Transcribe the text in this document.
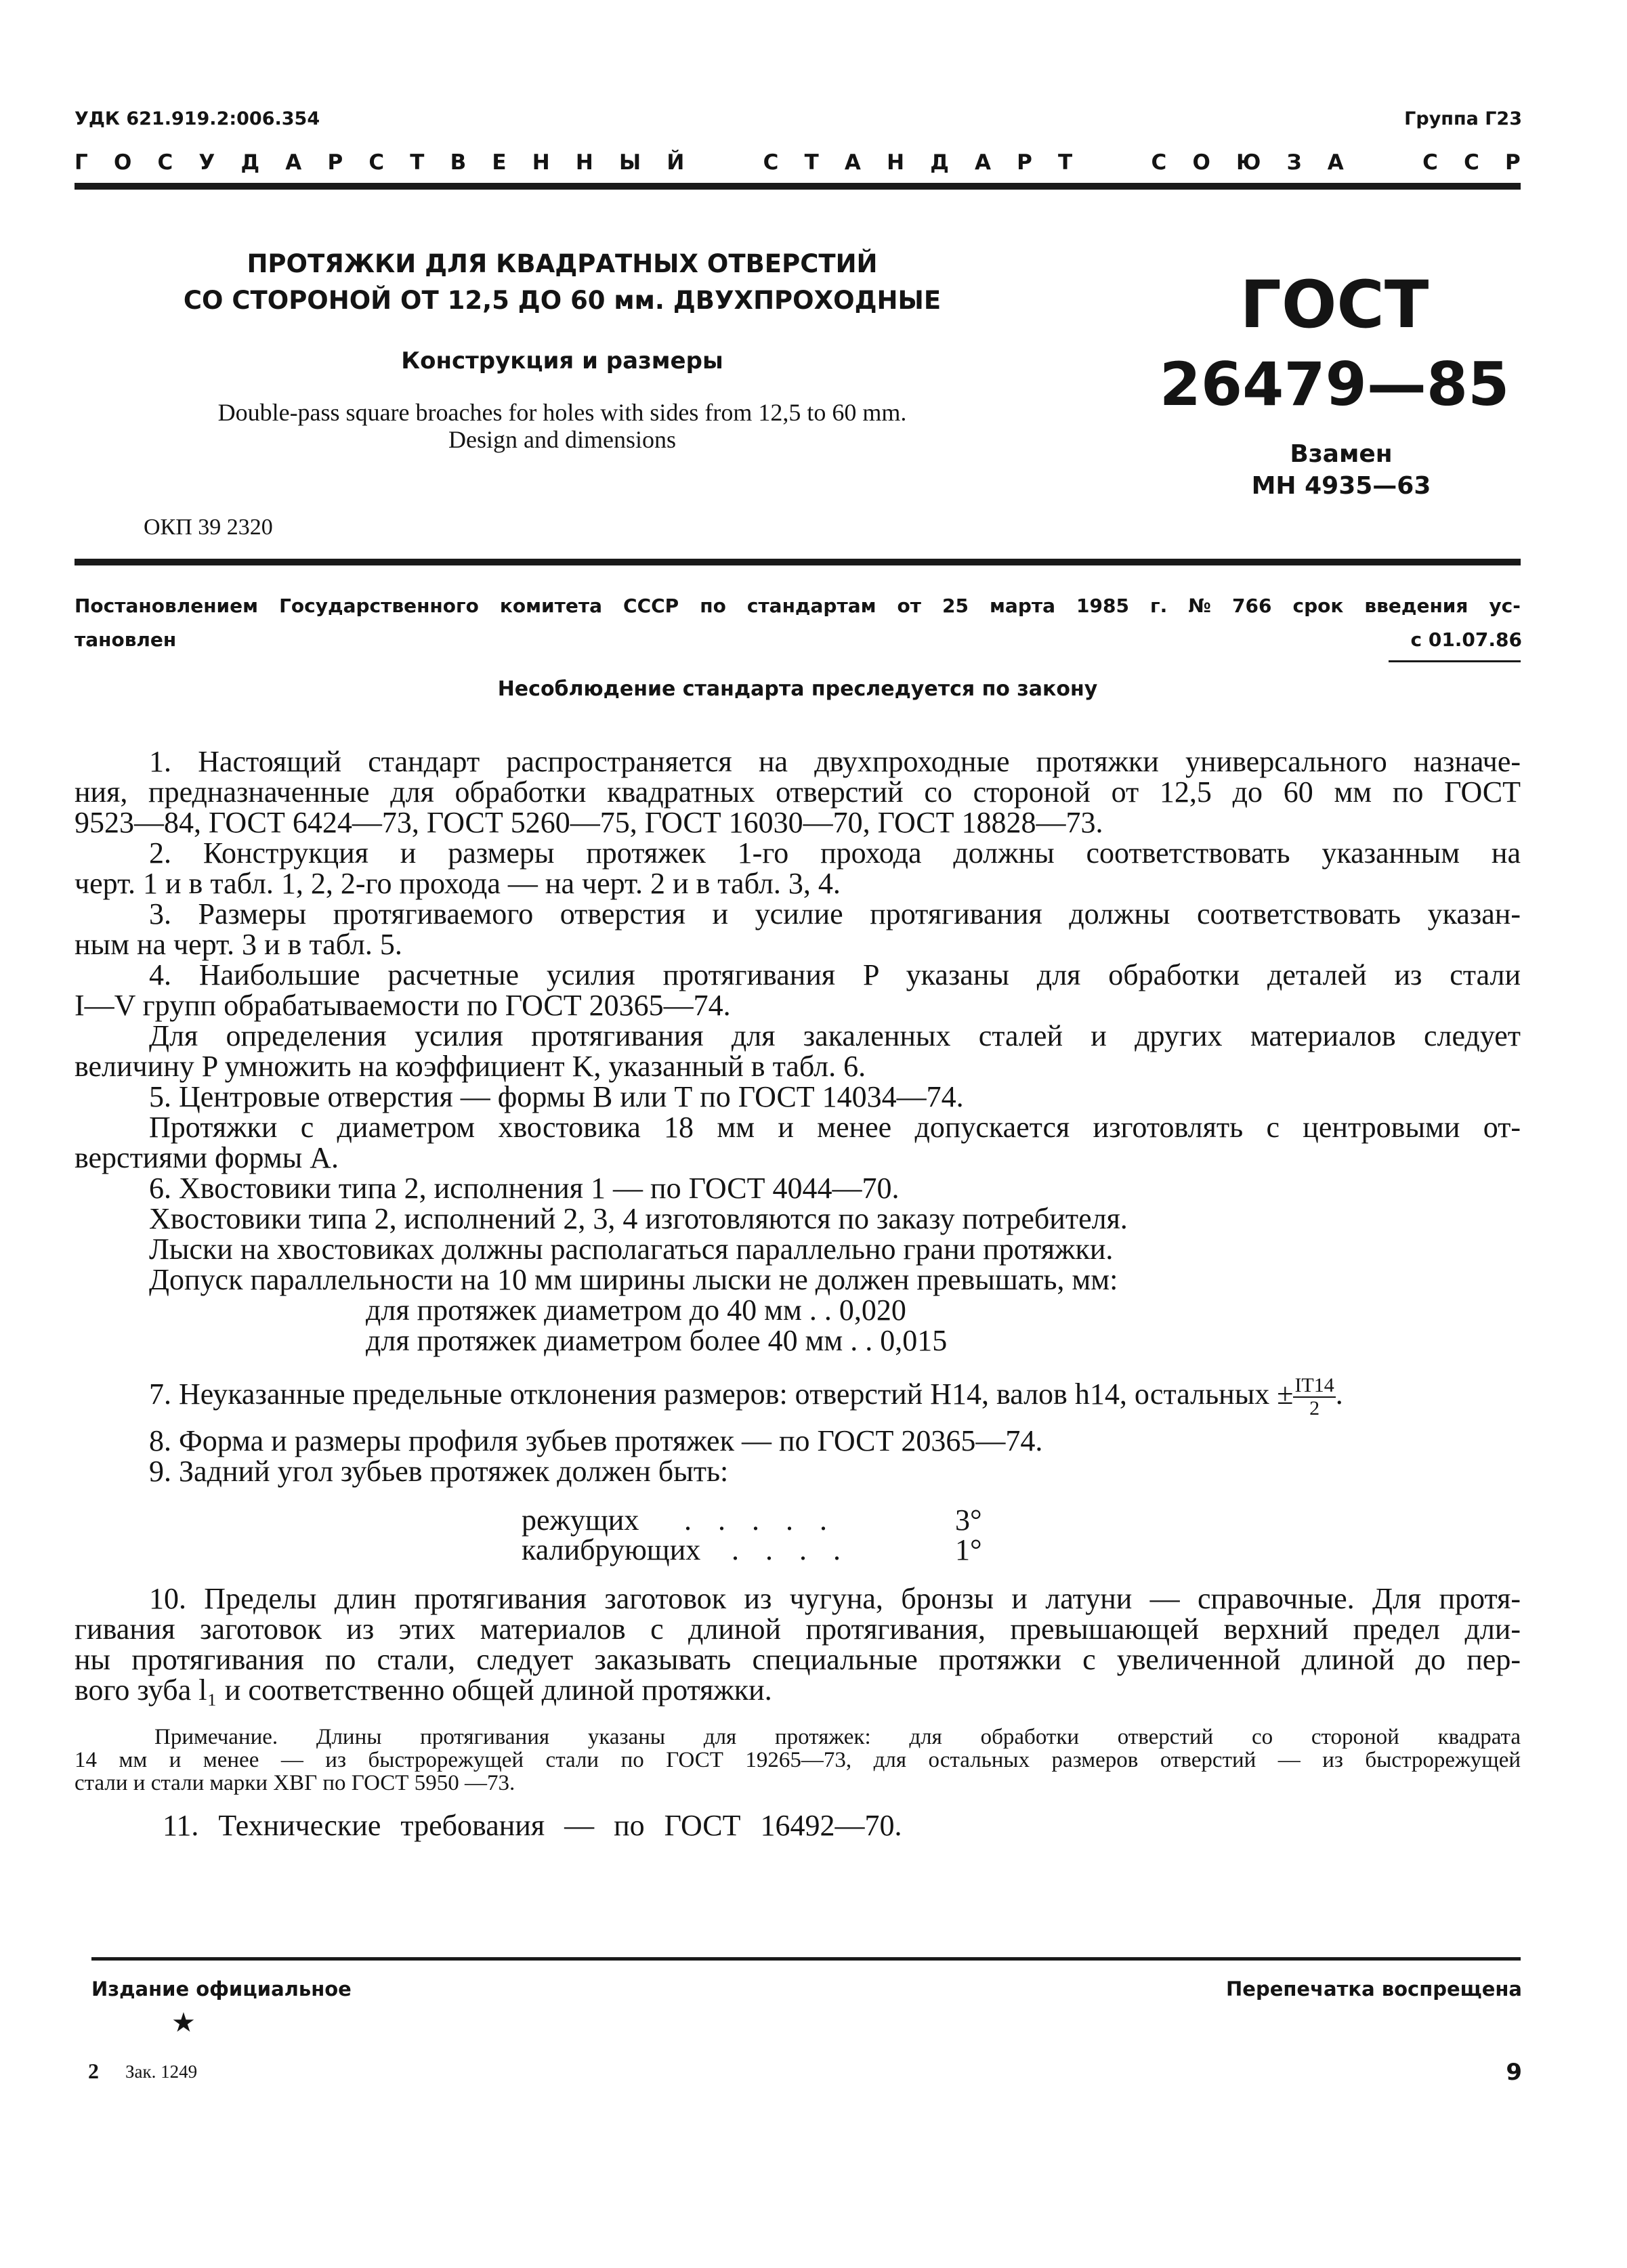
УДК 621.919.2:006.354	Группа Г23
Г О С У Д А Р С Т В Е Н Н Ы Й	С Т А Н Д А Р Т	С О Ю З А	С С Р
ПРОТЯЖКИ ДЛЯ КВАДРАТНЫХ ОТВЕРСТИЙ
СО СТОРОНОЙ ОТ 12,5 ДО 60 мм. ДВУХПРОХОДНЫЕ
Конструкция и размеры
Double-pass square broaches for holes with sides from 12,5 to 60 mm.
Design and dimensions
ОКП 39 2320
ГОСТ
26479—85
Взамен
МН 4935—63
Постановлением Государственного комитета СССР по стандартам от 25 марта 1985 г. № 766 срок введения ус-
тановлен	с 01.07.86
Несоблюдение стандарта преследуется по закону
1. Настоящий стандарт распространяется на двухпроходные протяжки универсального назначе-
ния, предназначенные для обработки квадратных отверстий со стороной от 12,5 до 60 мм по ГОСТ
9523—84, ГОСТ 6424—73, ГОСТ 5260—75, ГОСТ 16030—70, ГОСТ 18828—73.
2. Конструкция и размеры протяжек 1-го прохода должны соответствовать указанным на
черт. 1 и в табл. 1, 2, 2-го прохода — на черт. 2 и в табл. 3, 4.
3. Размеры протягиваемого отверстия и усилие протягивания должны соответствовать указан-
ным на черт. 3 и в табл. 5.
4. Наибольшие расчетные усилия протягивания P указаны для обработки деталей из стали
I—V групп обрабатываемости по ГОСТ 20365—74.
Для определения усилия протягивания для закаленных сталей и других материалов следует
величину P умножить на коэффициент K, указанный в табл. 6.
5. Центровые отверстия — формы В или Т по ГОСТ 14034—74.
Протяжки с диаметром хвостовика 18 мм и менее допускается изготовлять с центровыми от-
верстиями формы А.
6. Хвостовики типа 2, исполнения 1 — по ГОСТ 4044—70.
Хвостовики типа 2, исполнений 2, 3, 4 изготовляются по заказу потребителя.
Лыски на хвостовиках должны располагаться параллельно грани протяжки.
Допуск параллельности на 10 мм ширины лыски не должен превышать, мм:
для протяжек диаметром до 40 мм . . 0,020
для протяжек диаметром более 40 мм . . 0,015
7. Неуказанные предельные отклонения размеров: отверстий H14, валов h14, остальных ± $\frac{IT14}{2}$ .
8. Форма и размеры профиля зубьев протяжек — по ГОСТ 20365—74.
9. Задний угол зубьев протяжек должен быть:
режущих . . . . .	3°
калибрующих . . . .	1°
10. Пределы длин протягивания заготовок из чугуна, бронзы и латуни — справочные. Для протя-
гивания заготовок из этих материалов с длиной протягивания, превышающей верхний предел дли-
ны протягивания по стали, следует заказывать специальные протяжки с увеличенной длиной до пер-
вого зуба l₁ и соответственно общей длиной протяжки.
Примечание. Длины протягивания указаны для протяжек: для обработки отверстий со стороной квадрата
14 мм и менее — из быстрорежущей стали по ГОСТ 19265—73, для остальных размеров отверстий — из быстрорежущей
стали и стали марки ХВГ по ГОСТ 5950 —73.
11. Технические требования — по ГОСТ 16492—70.
Издание официальное	Перепечатка воспрещена
★
2 Зак. 1249	9
